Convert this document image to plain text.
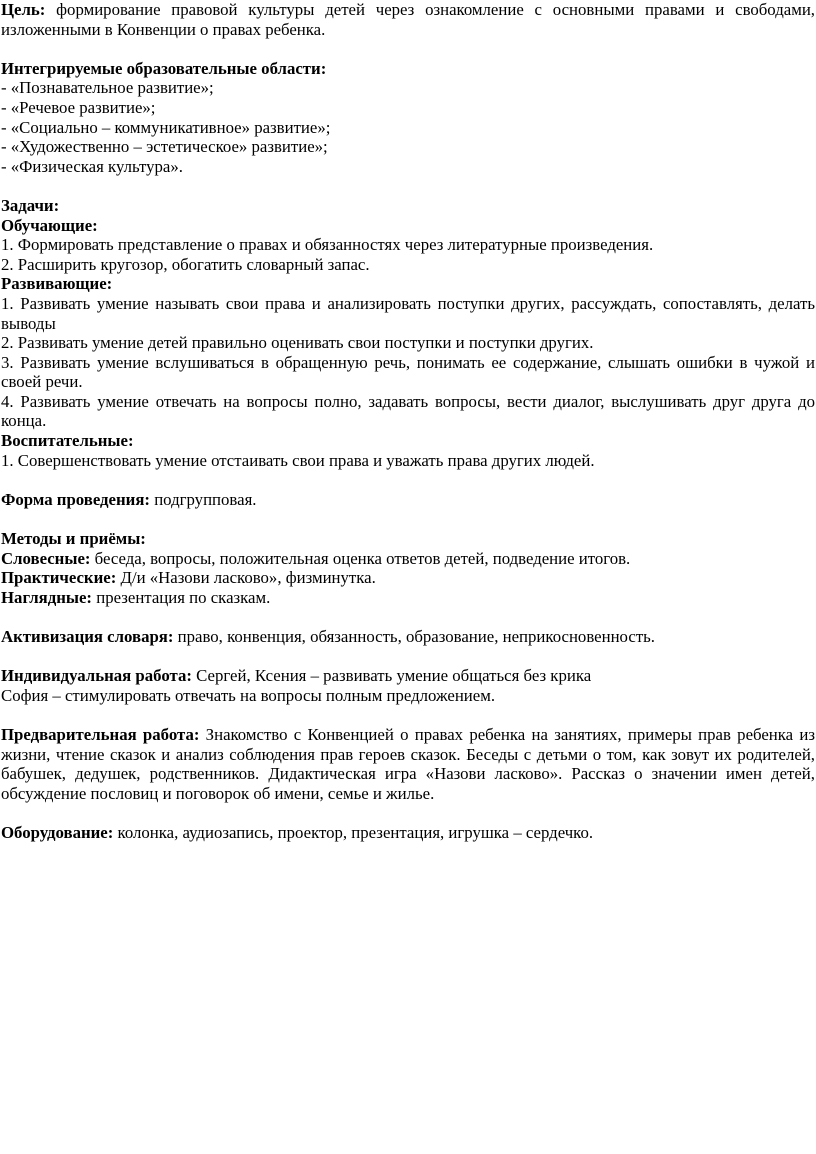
Цель: формирование правовой культуры детей через ознакомление с основными правами и свободами, изложенными в Конвенции о правах ребенка.
Интегрируемые образовательные области:
- «Познавательное развитие»;
- «Речевое развитие»;
- «Социально – коммуникативное» развитие»;
- «Художественно – эстетическое» развитие»;
- «Физическая культура».
Задачи:
Обучающие:
1. Формировать представление о правах и обязанностях через литературные произведения.
2. Расширить кругозор, обогатить словарный запас.
Развивающие:
1. Развивать умение называть свои права и анализировать поступки других, рассуждать, сопоставлять, делать выводы
2. Развивать умение детей правильно оценивать свои поступки и поступки других.
3. Развивать умение вслушиваться в обращенную речь, понимать ее содержание, слышать ошибки в чужой и своей речи.
4. Развивать умение отвечать на вопросы полно, задавать вопросы, вести диалог, выслушивать друг друга до конца.
Воспитательные:
1. Совершенствовать умение отстаивать свои права и уважать права других людей.
Форма проведения: подгрупповая.
Методы и приёмы:
Словесные: беседа, вопросы, положительная оценка ответов детей, подведение итогов.
Практические: Д/и «Назови ласково», физминутка.
Наглядные: презентация по сказкам.
Активизация словаря: право, конвенция, обязанность, образование, неприкосновенность.
Индивидуальная работа: Сергей, Ксения – развивать умение общаться без крика
София – стимулировать отвечать на вопросы полным предложением.
Предварительная работа: Знакомство с Конвенцией о правах ребенка на занятиях, примеры прав ребенка из жизни, чтение сказок и анализ соблюдения прав героев сказок. Беседы с детьми о том, как зовут их родителей, бабушек, дедушек, родственников. Дидактическая игра «Назови ласково». Рассказ о значении имен детей, обсуждение пословиц и поговорок об имени, семье и жилье.
Оборудование: колонка, аудиозапись, проектор, презентация, игрушка – сердечко.
